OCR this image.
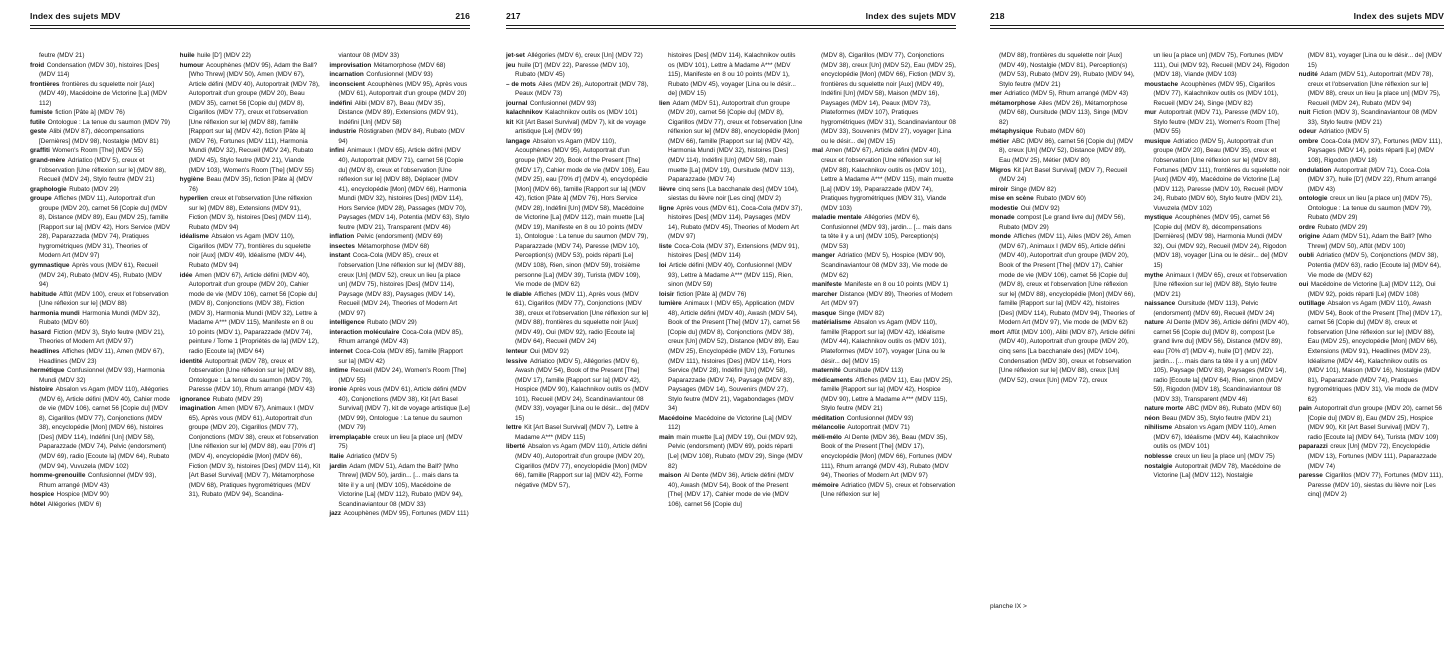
Index des sujets MDV	216

feutre (MDV 21)

froid Condensation (MDV 30), histoires [Des] (MDV 114)

frontières frontières du squelette noir [Aux] (MDV 49), Macédoine de Victorine [La] (MDV 112)

fumiste fiction [Pâte à] (MDV 76)

futile Ontologue : La tenue du saumon (MDV 79)

geste Alibi (MDV 87), décompensations [Dernières] (MDV 98), Nostalgie (MDV 81)

graffiti Women's Room [The] (MDV 55)

grand-mère Adriatico (MDV 5), creux et l'observation [Une réflexion sur le] (MDV 88), Recueil (MDV 24), Stylo feutre (MDV 21)

graphologie Rubato (MDV 29)

groupe Affiches (MDV 11), Autoportrait d'un groupe (MDV 20), carnet 56 [Copie du] (MDV 8), Distance (MDV 89), Eau (MDV 25), famille [Rapport sur la] (MDV 42), Hors Service (MDV 28), Paparazzada (MDV 74), Pratiques hygrométriques (MDV 31), Theories of Modern Art (MDV 97)

gymnastique Après vous (MDV 61), Recueil (MDV 24), Rubato (MDV 45), Rubato (MDV 94)

habitude Affût (MDV 100), creux et l'observation [Une réflexion sur le] (MDV 88)

harmonia mundi Harmonia Mundi (MDV 32), Rubato (MDV 60)

hasard Fiction (MDV 3), Stylo feutre (MDV 21), Theories of Modern Art (MDV 97)

headlines Affiches (MDV 11), Amen (MDV 67), Headlines (MDV 23)

hermétique Confusionnel (MDV 93), Harmonia Mundi (MDV 32)

histoire Absalon vs Agam (MDV 110), Allégories (MDV 6), Article défini (MDV 40), Cahier mode de vie (MDV 106), carnet 56 [Copie du] (MDV 8), Cigarillos (MDV 77), Conjonctions (MDV 38), encyclopédie [Mon] (MDV 66), histoires [Des] (MDV 114), Indéfini [Un] (MDV 58), Paparazzade (MDV 74), Pelvic (endorsment) (MDV 69), radio [Ecoute la] (MDV 64), Rubato (MDV 94), Vuvuzela (MDV 102)

homme-grenouille Confusionnel (MDV 93), Rhum arrangé (MDV 43)

hospice Hospice (MDV 90)

hôtel Allégories (MDV 6)

huile huile [D'] (MDV 22)

humour Acouphènes (MDV 95), Adam the Ball? [Who Threw] (MDV 50), Amen (MDV 67), Article défini (MDV 40), Autoportrait (MDV 78), Autoportrait d'un groupe (MDV 20), Beau (MDV 35), carnet 56 [Copie du] (MDV 8), Cigarillos (MDV 77), creux et l'observation [Une réflexion sur le] (MDV 88), famille [Rapport sur la] (MDV 42), fiction [Pâte à] (MDV 76), Fortunes (MDV 111), Harmonia Mundi (MDV 32), Recueil (MDV 24), Rubato (MDV 45), Stylo feutre (MDV 21), Viande (MDV 103), Women's Room [The] (MDV 55)

hygiène Beau (MDV 35), fiction [Pâte à] (MDV 76)

hyperlien creux et l'observation [Une réflexion sur le] (MDV 88), Extensions (MDV 91), Fiction (MDV 3), histoires [Des] (MDV 114), Rubato (MDV 94)

idéalisme Absalon vs Agam (MDV 110), Cigarillos (MDV 77), frontières du squelette noir [Aux] (MDV 49), Idéalisme (MDV 44), Rubato (MDV 94)

idée Amen (MDV 67), Article défini (MDV 40), Autoportrait d'un groupe (MDV 20), Cahier mode de vie (MDV 106), carnet 56 [Copie du] (MDV 8), Conjonctions (MDV 38), Fiction (MDV 3), Harmonia Mundi (MDV 32), Lettre à Madame A*** (MDV 115), Manifeste en 8 ou 10 points (MDV 1), Paparazzade (MDV 74), peinture / Tome 1 [Propriétés de la] (MDV 12), radio [Ecoute la] (MDV 64)

identité Autoportrait (MDV 78), creux et l'observation [Une réflexion sur le] (MDV 88), Ontologue : La tenue du saumon (MDV 79), Paresse (MDV 10), Rhum arrangé (MDV 43)

ignorance Rubato (MDV 29)

imagination Amen (MDV 67), Animaux I (MDV 65), Après vous (MDV 61), Autoportrait d'un groupe (MDV 20), Cigarillos (MDV 77), Conjonctions (MDV 38), creux et l'observation [Une réflexion sur le] (MDV 88), eau [70% d'] (MDV 4), encyclopédie [Mon] (MDV 66), Fiction (MDV 3), histoires [Des] (MDV 114), Kit [Art Basel Survival] (MDV 7), Métamorphose (MDV 68), Pratiques hygrométriques (MDV 31), Rubato (MDV 94), Scandina-

viantour 08 (MDV 33)

improvisation Métamorphose (MDV 68)

incarnation Confusionnel (MDV 93)

inconscient Acouphènes (MDV 95), Après vous (MDV 61), Autoportrait d'un groupe (MDV 20)

indéfini Alibi (MDV 87), Beau (MDV 35), Distance (MDV 89), Extensions (MDV 91), Indéfini [Un] (MDV 58)

industrie Röstigraben (MDV 84), Rubato (MDV 94)

infini Animaux I (MDV 65), Article défini (MDV 40), Autoportrait (MDV 71), carnet 56 [Copie du] (MDV 8), creux et l'observation [Une réflexion sur le] (MDV 88), Déplacer (MDV 41), encyclopédie [Mon] (MDV 66), Harmonia Mundi (MDV 32), histoires [Des] (MDV 114), Hors Service (MDV 28), Passages (MDV 70), Paysages (MDV 14), Potentia (MDV 63), Stylo feutre (MDV 21), Transparent (MDV 46)

inflation Pelvic (endorsment) (MDV 69)

insectes Métamorphose (MDV 68)

instant Coca-Cola (MDV 85), creux et l'observation [Une réflexion sur le] (MDV 88), creux [Un] (MDV 52), creux un lieu [a place un] (MDV 75), histoires [Des] (MDV 114), Paysage (MDV 83), Paysages (MDV 14), Recueil (MDV 24), Theories of Modern Art (MDV 97)

intelligence Rubato (MDV 29)

interaction moléculaire Coca-Cola (MDV 85), Rhum arrangé (MDV 43)

internet Coca-Cola (MDV 85), famille [Rapport sur la] (MDV 42)

intime Recueil (MDV 24), Women's Room [The] (MDV 55)

ironie Après vous (MDV 61), Article défini (MDV 40), Conjonctions (MDV 38), Kit [Art Basel Survival] (MDV 7), kit de voyage artistique [Le] (MDV 99), Ontologue : La tenue du saumon (MDV 79)

irremplaçable creux un lieu [a place un] (MDV 75)

Italie Adriatico (MDV 5)

jardin Adam (MDV 51), Adam the Ball? [Who Threw] (MDV 50), jardin... [... mais dans ta tête il y a un] (MDV 105), Macédoine de Victorine [La] (MDV 112), Rubato (MDV 94), Scandinaviantour 08 (MDV 33)

jazz Acouphènes (MDV 95), Fortunes (MDV 111)

217	Index des sujets MDV

jet-set Allégories (MDV 6), creux [Un] (MDV 72)

jeu huile [D'] (MDV 22), Paresse (MDV 10), Rubato (MDV 45)

– de mots Ailes (MDV 26), Autoportrait (MDV 78), Peaux (MDV 73)

journal Confusionnel (MDV 93)

kalachnikov Kalachnikov outils os (MDV 101)

kit Kit [Art Basel Survival] (MDV 7), kit de voyage artistique [Le] (MDV 99)

langage Absalon vs Agam (MDV 110), Acouphènes (MDV 95), Autoportrait d'un groupe (MDV 20), Book of the Present [The] (MDV 17), Cahier mode de vie (MDV 106), Eau (MDV 25), eau [70% d'] (MDV 4), encyclopédie [Mon] (MDV 66), famille [Rapport sur la] (MDV 42), fiction [Pâte à] (MDV 76), Hors Service (MDV 28), Indéfini [Un] (MDV 58), Macédoine de Victorine [La] (MDV 112), main muette [La] (MDV 19), Manifeste en 8 ou 10 points (MDV 1), Ontologue : La tenue du saumon (MDV 79), Paparazzade (MDV 74), Paresse (MDV 10), Perception(s) (MDV 53), poids réparti [Le] (MDV 108), Rien, sinon (MDV 59), troisième personne [La] (MDV 39), Turista (MDV 109), Vie mode de (MDV 62)

le diable Affiches (MDV 11), Après vous (MDV 61), Cigarillos (MDV 77), Conjonctions (MDV 38), creux et l'observation [Une réflexion sur le] (MDV 88), frontières du squelette noir [Aux] (MDV 49), Oui (MDV 92), radio [Ecoute la] (MDV 64), Recueil (MDV 24)

lenteur Oui (MDV 92)

lessive Adriatico (MDV 5), Allégories (MDV 6), Awash (MDV 54), Book of the Present [The] (MDV 17), famille [Rapport sur la] (MDV 42), Hospice (MDV 90), Kalachnikov outils os (MDV 101), Recueil (MDV 24), Scandinaviantour 08 (MDV 33), voyager [Lina ou le désir... de] (MDV 15)

lettre Kit [Art Basel Survival] (MDV 7), Lettre à Madame A*** (MDV 115)

liberté Absalon vs Agam (MDV 110), Article défini (MDV 40), Autoportrait d'un groupe (MDV 20), Cigarillos (MDV 77), encyclopédie [Mon] (MDV 66), famille [Rapport sur la] (MDV 42), Forme négative (MDV 57),

histoires [Des] (MDV 114), Kalachnikov outils os (MDV 101), Lettre à Madame A*** (MDV 115), Manifeste en 8 ou 10 points (MDV 1), Rubato (MDV 45), voyager [Lina ou le désir... de] (MDV 15)

lien Adam (MDV 51), Autoportrait d'un groupe (MDV 20), carnet 56 [Copie du] (MDV 8), Cigarillos (MDV 77), creux et l'observation [Une réflexion sur le] (MDV 88), encyclopédie [Mon] (MDV 66), famille [Rapport sur la] (MDV 42), Harmonia Mundi (MDV 32), histoires [Des] (MDV 114), Indéfini [Un] (MDV 58), main muette [La] (MDV 19), Oursitude (MDV 113), Paparazzade (MDV 74)

lièvre cinq sens [La bacchanale des] (MDV 104), siestas du lièvre noir [Les cinq] (MDV 2)

ligne Après vous (MDV 61), Coca-Cola (MDV 37), histoires [Des] (MDV 114), Paysages (MDV 14), Rubato (MDV 45), Theories of Modern Art (MDV 97)

liste Coca-Cola (MDV 37), Extensions (MDV 91), histoires [Des] (MDV 114)

loi Article défini (MDV 40), Confusionnel (MDV 93), Lettre à Madame A*** (MDV 115), Rien, sinon (MDV 59)

loisir fiction [Pâte à] (MDV 76)

lumière Animaux I (MDV 65), Application (MDV 48), Article défini (MDV 40), Awash (MDV 54), Book of the Present [The] (MDV 17), carnet 56 [Copie du] (MDV 8), Conjonctions (MDV 38), creux [Un] (MDV 52), Distance (MDV 89), Eau (MDV 25), Encyclopédie (MDV 13), Fortunes (MDV 111), histoires [Des] (MDV 114), Hors Service (MDV 28), Indéfini [Un] (MDV 58), Paparazzade (MDV 74), Paysage (MDV 83), Paysages (MDV 14), Souvenirs (MDV 27), Stylo feutre (MDV 21), Vagabondages (MDV 34)

Macédoine Macédoine de Victorine [La] (MDV 112)

main main muette [La] (MDV 19), Oui (MDV 92), Pelvic (endorsment) (MDV 69), poids réparti [Le] (MDV 108), Rubato (MDV 29), Singe (MDV 82)

maison Al Dente (MDV 36), Article défini (MDV 40), Awash (MDV 54), Book of the Present [The] (MDV 17), Cahier mode de vie (MDV 106), carnet 56 [Copie du]

(MDV 8), Cigarillos (MDV 77), Conjonctions (MDV 38), creux [Un] (MDV 52), Eau (MDV 25), encyclopédie [Mon] (MDV 66), Fiction (MDV 3), frontières du squelette noir [Aux] (MDV 49), Indéfini [Un] (MDV 58), Maison (MDV 16), Paysages (MDV 14), Peaux (MDV 73), Plateformes (MDV 107), Pratiques hygrométriques (MDV 31), Scandinaviantour 08 (MDV 33), Souvenirs (MDV 27), voyager [Lina ou le désir... de] (MDV 15)

mal Amen (MDV 67), Article défini (MDV 40), creux et l'observation [Une réflexion sur le] (MDV 88), Kalachnikov outils os (MDV 101), Lettre à Madame A*** (MDV 115), main muette [La] (MDV 19), Paparazzade (MDV 74), Pratiques hygrométriques (MDV 31), Viande (MDV 103)

maladie mentale Allégories (MDV 6), Confusionnel (MDV 93), jardin... [... mais dans ta tête il y a un] (MDV 105), Perception(s) (MDV 53)

manger Adriatico (MDV 5), Hospice (MDV 90), Scandinaviantour 08 (MDV 33), Vie mode de (MDV 62)

manifeste Manifeste en 8 ou 10 points (MDV 1)

marcher Distance (MDV 89), Theories of Modern Art (MDV 97)

masque Singe (MDV 82)

matérialisme Absalon vs Agam (MDV 110), famille [Rapport sur la] (MDV 42), Idéalisme (MDV 44), Kalachnikov outils os (MDV 101), Plateformes (MDV 107), voyager [Lina ou le désir... de] (MDV 15)

maternité Oursitude (MDV 113)

médicaments Affiches (MDV 11), Eau (MDV 25), famille [Rapport sur la] (MDV 42), Hospice (MDV 90), Lettre à Madame A*** (MDV 115), Stylo feutre (MDV 21)

méditation Confusionnel (MDV 93)

mélancolie Autoportrait (MDV 71)

méli-mélo Al Dente (MDV 36), Beau (MDV 35), Book of the Present [The] (MDV 17), encyclopédie [Mon] (MDV 66), Fortunes (MDV 111), Rhum arrangé (MDV 43), Rubato (MDV 94), Theories of Modern Art (MDV 97)

mémoire Adriatico (MDV 5), creux et l'observation [Une réflexion sur le]

218	Index des sujets MDV

(MDV 88), frontières du squelette noir [Aux] (MDV 49), Nostalgie (MDV 81), Perception(s) (MDV 53), Rubato (MDV 29), Rubato (MDV 94), Stylo feutre (MDV 21)

mer Adriatico (MDV 5), Rhum arrangé (MDV 43)

métamorphose Ailes (MDV 26), Métamorphose (MDV 68), Oursitude (MDV 113), Singe (MDV 82)

métaphysique Rubato (MDV 60)

métier ABC (MDV 86), carnet 56 [Copie du] (MDV 8), creux [Un] (MDV 52), Distance (MDV 89), Eau (MDV 25), Métier (MDV 80)

Migros Kit [Art Basel Survival] (MDV 7), Recueil (MDV 24)

miroir Singe (MDV 82)

mise en scène Rubato (MDV 60)

modestie Oui (MDV 92)

monade compost [Le grand livre du] (MDV 56), Rubato (MDV 29)

monde Affiches (MDV 11), Ailes (MDV 26), Amen (MDV 67), Animaux I (MDV 65), Article défini (MDV 40), Autoportrait d'un groupe (MDV 20), Book of the Present [The] (MDV 17), Cahier mode de vie (MDV 106), carnet 56 [Copie du] (MDV 8), creux et l'observation [Une réflexion sur le] (MDV 88), encyclopédie [Mon] (MDV 66), famille [Rapport sur la] (MDV 42), histoires [Des] (MDV 114), Rubato (MDV 94), Theories of Modern Art (MDV 97), Vie mode de (MDV 62)

mort Affût (MDV 100), Alibi (MDV 87), Article défini (MDV 40), Autoportrait d'un groupe (MDV 20), cinq sens [La bacchanale des] (MDV 104), Condensation (MDV 30), creux et l'observation [Une réflexion sur le] (MDV 88), creux [Un] (MDV 52), creux [Un] (MDV 72), creux

un lieu [a place un] (MDV 75), Fortunes (MDV 111), Oui (MDV 92), Recueil (MDV 24), Rigodon (MDV 18), Viande (MDV 103)

moustache Acouphènes (MDV 95), Cigarillos (MDV 77), Kalachnikov outils os (MDV 101), Recueil (MDV 24), Singe (MDV 82)

mur Autoportrait (MDV 71), Paresse (MDV 10), Stylo feutre (MDV 21), Women's Room [The] (MDV 55)

musique Adriatico (MDV 5), Autoportrait d'un groupe (MDV 20), Beau (MDV 35), creux et l'observation [Une réflexion sur le] (MDV 88), Fortunes (MDV 111), frontières du squelette noir [Aux] (MDV 49), Macédoine de Victorine [La] (MDV 112), Paresse (MDV 10), Recueil (MDV 24), Rubato (MDV 60), Stylo feutre (MDV 21), Vuvuzela (MDV 102)

mystique Acouphènes (MDV 95), carnet 56 [Copie du] (MDV 8), décompensations [Dernières] (MDV 98), Harmonia Mundi (MDV 32), Oui (MDV 92), Recueil (MDV 24), Rigodon (MDV 18), voyager [Lina ou le désir... de] (MDV 15)

mythe Animaux I (MDV 65), creux et l'observation [Une réflexion sur le] (MDV 88), Stylo feutre (MDV 21)

naissance Oursitude (MDV 113), Pelvic (endorsment) (MDV 69), Recueil (MDV 24)

nature Al Dente (MDV 36), Article défini (MDV 40), carnet 56 [Copie du] (MDV 8), compost [Le grand livre du] (MDV 56), Distance (MDV 89), eau [70% d'] (MDV 4), huile [D'] (MDV 22), jardin... [... mais dans ta tête il y a un] (MDV 105), Paysage (MDV 83), Paysages (MDV 14), radio [Ecoute la] (MDV 64), Rien, sinon (MDV 59), Rigodon (MDV 18), Scandinaviantour 08 (MDV 33), Transparent (MDV 46)

nature morte ABC (MDV 86), Rubato (MDV 60)

néon Beau (MDV 35), Stylo feutre (MDV 21)

nihilisme Absalon vs Agam (MDV 110), Amen (MDV 67), Idéalisme (MDV 44), Kalachnikov outils os (MDV 101)

noblesse creux un lieu [a place un] (MDV 75)

nostalgie Autoportrait (MDV 78), Macédoine de Victorine [La] (MDV 112), Nostalgie

(MDV 81), voyager [Lina ou le désir... de] (MDV 15)

nudité Adam (MDV 51), Autoportrait (MDV 78), creux et l'observation [Une réflexion sur le] (MDV 88), creux un lieu [a place un] (MDV 75), Recueil (MDV 24), Rubato (MDV 94)

nuit Fiction (MDV 3), Scandinaviantour 08 (MDV 33), Stylo feutre (MDV 21)

odeur Adriatico (MDV 5)

ombre Coca-Cola (MDV 37), Fortunes (MDV 111), Paysages (MDV 14), poids réparti [Le] (MDV 108), Rigodon (MDV 18)

ondulation Autoportrait (MDV 71), Coca-Cola (MDV 37), huile [D'] (MDV 22), Rhum arrangé (MDV 43)

ontologie creux un lieu [a place un] (MDV 75), Ontologue : La tenue du saumon (MDV 79), Rubato (MDV 29)

ordre Rubato (MDV 29)

origine Adam (MDV 51), Adam the Ball? [Who Threw] (MDV 50), Affût (MDV 100)

oubli Adriatico (MDV 5), Conjonctions (MDV 38), Potentia (MDV 63), radio [Ecoute la] (MDV 64), Vie mode de (MDV 62)

oui Macédoine de Victorine [La] (MDV 112), Oui (MDV 92), poids réparti [Le] (MDV 108)

outillage Absalon vs Agam (MDV 110), Awash (MDV 54), Book of the Present [The] (MDV 17), carnet 56 [Copie du] (MDV 8), creux et l'observation [Une réflexion sur le] (MDV 88), Eau (MDV 25), encyclopédie [Mon] (MDV 66), Extensions (MDV 91), Headlines (MDV 23), Idéalisme (MDV 44), Kalachnikov outils os (MDV 101), Maison (MDV 16), Nostalgie (MDV 81), Paparazzade (MDV 74), Pratiques hygrométriques (MDV 31), Vie mode de (MDV 62)

pain Autoportrait d'un groupe (MDV 20), carnet 56 [Copie du] (MDV 8), Eau (MDV 25), Hospice (MDV 90), Kit [Art Basel Survival] (MDV 7), radio [Ecoute la] (MDV 64), Turista (MDV 109)

paparazzi creux [Un] (MDV 72), Encyclopédie (MDV 13), Fortunes (MDV 111), Paparazzade (MDV 74)

paresse Cigarillos (MDV 77), Fortunes (MDV 111), Paresse (MDV 10), siestas du lièvre noir [Les cinq] (MDV 2)

planche IX >
